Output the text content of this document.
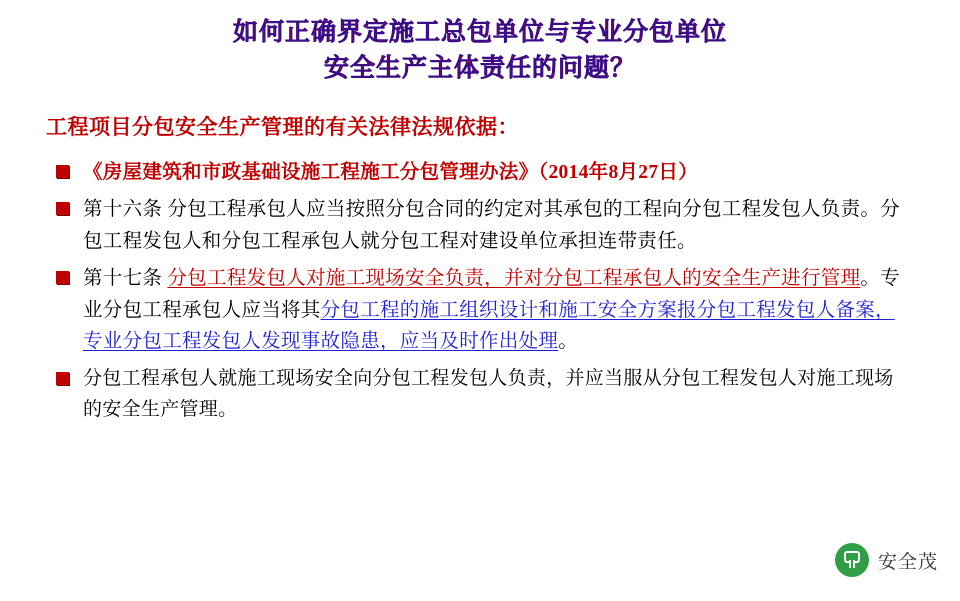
如何正确界定施工总包单位与专业分包单位
安全生产主体责任的问题？
工程项目分包安全生产管理的有关法律法规依据：
《房屋建筑和市政基础设施工程施工分包管理办法》（2014年8月27日）
第十六条 分包工程承包人应当按照分包合同的约定对其承包的工程向分包工程发包人负责。分包工程发包人和分包工程承包人就分包工程对建设单位承担连带责任。
第十七条 分包工程发包人对施工现场安全负责，并对分包工程承包人的安全生产进行管理。专业分包工程承包人应当将其分包工程的施工组织设计和施工安全方案报分包工程发包人备案，专业分包工程发包人发现事故隐患，应当及时作出处理。
分包工程承包人就施工现场安全向分包工程发包人负责，并应当服从分包工程发包人对施工现场的安全生产管理。
安全茂
